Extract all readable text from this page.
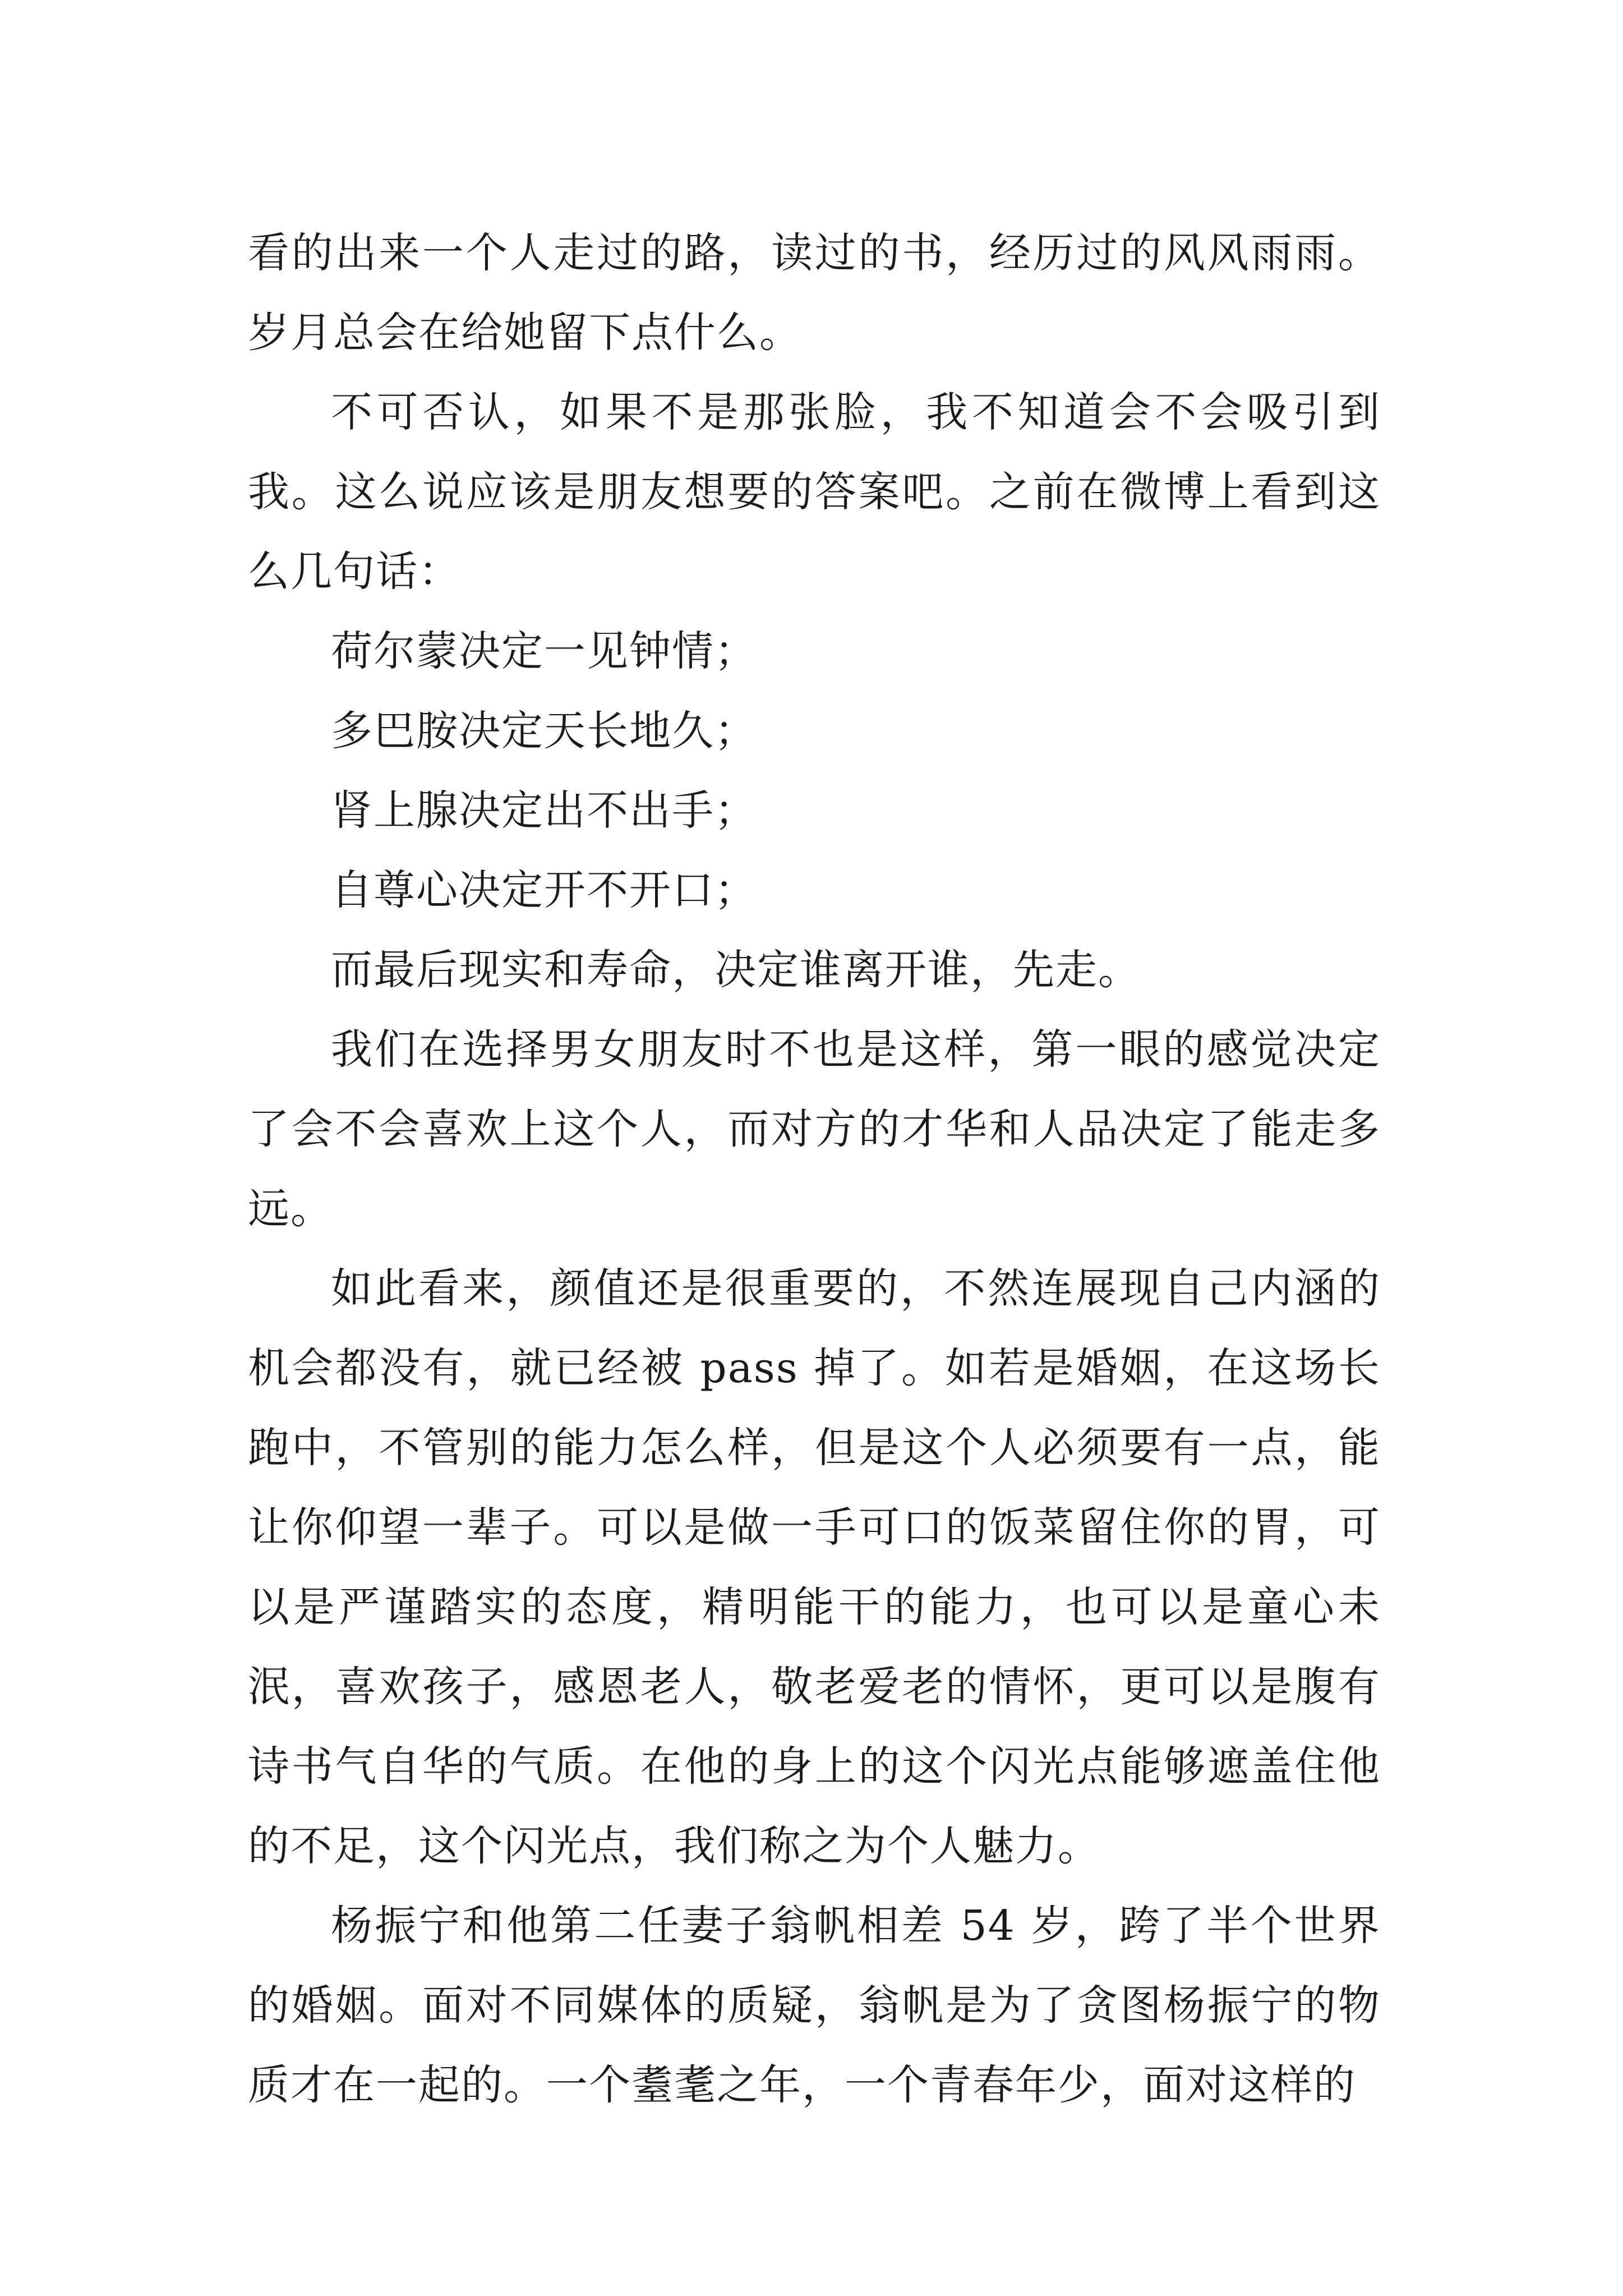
看的出来一个人走过的路，读过的书，经历过的风风雨雨。岁月总会在给她留下点什么。

不可否认，如果不是那张脸，我不知道会不会吸引到我。这么说应该是朋友想要的答案吧。之前在微博上看到这么几句话：

荷尔蒙决定一见钟情；

多巴胺决定天长地久；

肾上腺决定出不出手；

自尊心决定开不开口；

而最后现实和寿命，决定谁离开谁，先走。

我们在选择男女朋友时不也是这样，第一眼的感觉决定了会不会喜欢上这个人，而对方的才华和人品决定了能走多远。

如此看来，颜值还是很重要的，不然连展现自己内涵的机会都没有，就已经被 pass 掉了。如若是婚姻，在这场长跑中，不管别的能力怎么样，但是这个人必须要有一点，能让你仰望一辈子。可以是做一手可口的饭菜留住你的胃，可以是严谨踏实的态度，精明能干的能力，也可以是童心未泯，喜欢孩子，感恩老人，敬老爱老的情怀，更可以是腹有诗书气自华的气质。在他的身上的这个闪光点能够遮盖住他的不足，这个闪光点，我们称之为个人魅力。

杨振宁和他第二任妻子翁帆相差 54 岁，跨了半个世界的婚姻。面对不同媒体的质疑，翁帆是为了贪图杨振宁的物质才在一起的。一个耋耄之年，一个青春年少，面对这样的
